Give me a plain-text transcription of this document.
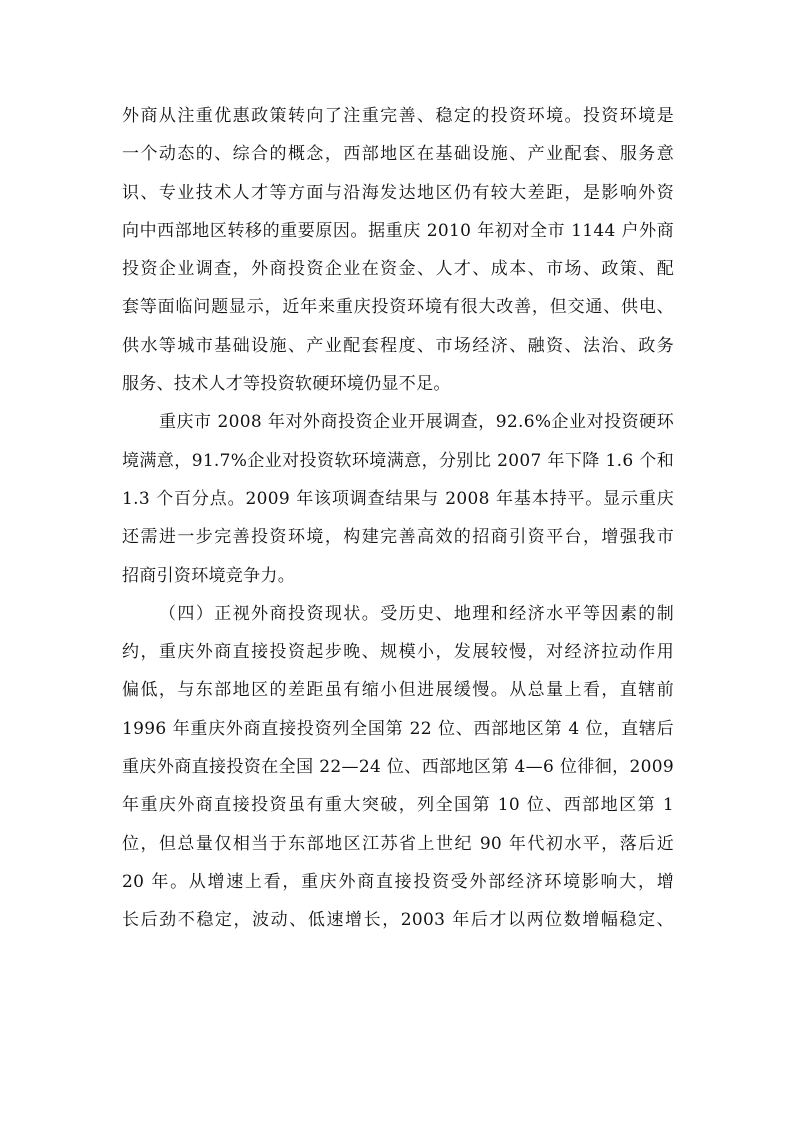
外商从注重优惠政策转向了注重完善、稳定的投资环境。投资环境是
一个动态的、综合的概念，西部地区在基础设施、产业配套、服务意
识、专业技术人才等方面与沿海发达地区仍有较大差距，是影响外资
向中西部地区转移的重要原因。据重庆 2010 年初对全市 1144 户外商
投资企业调查，外商投资企业在资金、人才、成本、市场、政策、配
套等面临问题显示，近年来重庆投资环境有很大改善，但交通、供电、
供水等城市基础设施、产业配套程度、市场经济、融资、法治、政务
服务、技术人才等投资软硬环境仍显不足。
重庆市 2008 年对外商投资企业开展调查，92.6%企业对投资硬环
境满意，91.7%企业对投资软环境满意，分别比 2007 年下降 1.6 个和
1.3 个百分点。2009 年该项调查结果与 2008 年基本持平。显示重庆
还需进一步完善投资环境，构建完善高效的招商引资平台，增强我市
招商引资环境竞争力。
（四）正视外商投资现状。受历史、地理和经济水平等因素的制
约，重庆外商直接投资起步晚、规模小，发展较慢，对经济拉动作用
偏低，与东部地区的差距虽有缩小但进展缓慢。从总量上看，直辖前
1996 年重庆外商直接投资列全国第 22 位、西部地区第 4 位，直辖后
重庆外商直接投资在全国 22—24 位、西部地区第 4—6 位徘徊，2009
年重庆外商直接投资虽有重大突破，列全国第 10 位、西部地区第 1
位，但总量仅相当于东部地区江苏省上世纪 90 年代初水平，落后近
20 年。从增速上看，重庆外商直接投资受外部经济环境影响大，增
长后劲不稳定，波动、低速增长，2003 年后才以两位数增幅稳定、
